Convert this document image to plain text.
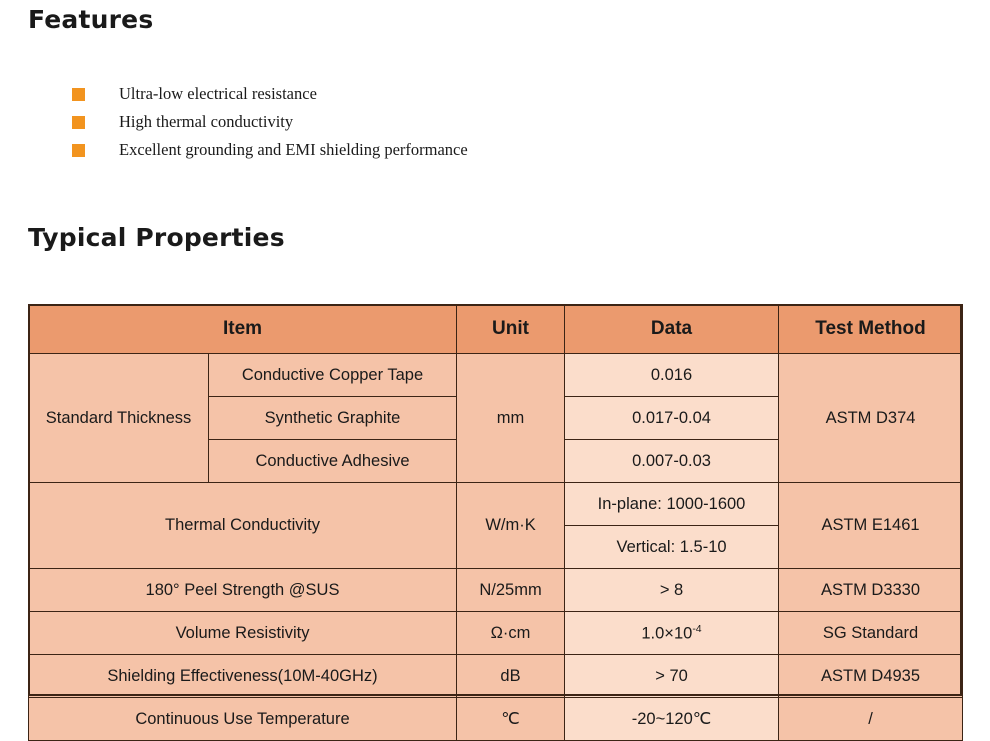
Features
Ultra-low electrical resistance
High thermal conductivity
Excellent grounding and EMI shielding performance
Typical Properties
Item		Unit	Data	Test Method
Standard Thickness	Conductive Copper Tape	mm	0.016	ASTM D374
	Synthetic Graphite		0.017-0.04	
	Conductive Adhesive		0.007-0.03	
Thermal Conductivity		W/m·K	In-plane: 1000-1600	ASTM E1461
			Vertical: 1.5-10	
180° Peel Strength @SUS		N/25mm	> 8	ASTM D3330
Volume Resistivity		Ω·cm	$1.0\times 10^{-4}$	SG Standard
Shielding Effectiveness(10M-40GHz)		dB	> 70	ASTM D4935
Continuous Use Temperature		℃	-20~120℃	/
